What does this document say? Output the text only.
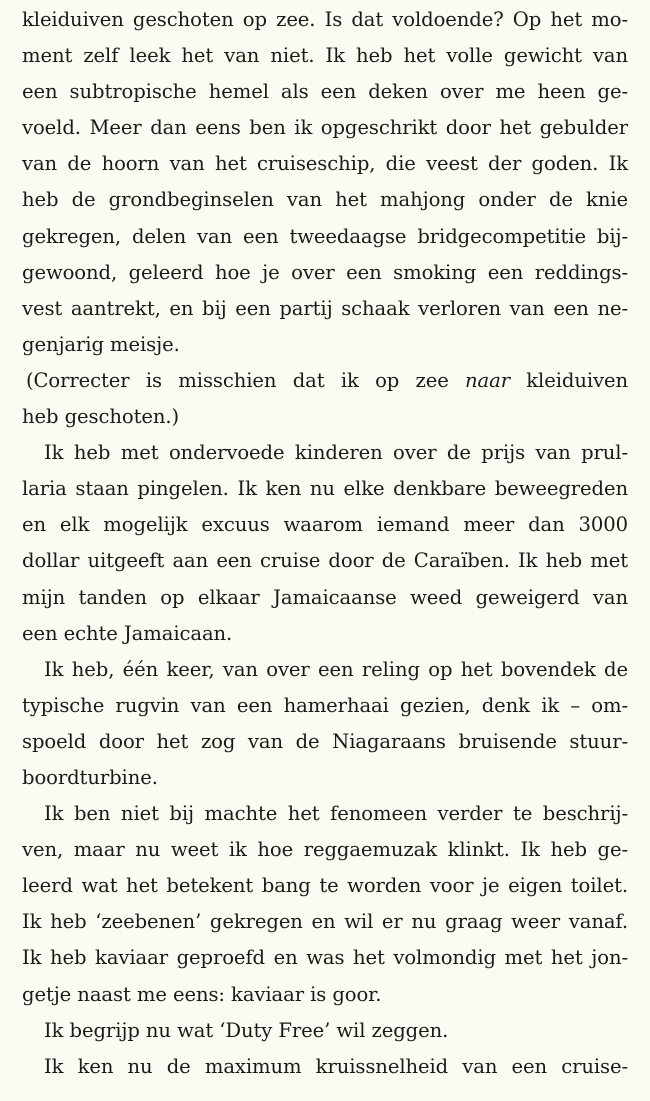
kleiduiven geschoten op zee. Is dat voldoende? Op het mo-
ment zelf leek het van niet. Ik heb het volle gewicht van
een subtropische hemel als een deken over me heen ge-
voeld. Meer dan eens ben ik opgeschrikt door het gebulder
van de hoorn van het cruiseschip, die veest der goden. Ik
heb de grondbeginselen van het mahjong onder de knie
gekregen, delen van een tweedaagse bridgecompetitie bij-
gewoond, geleerd hoe je over een smoking een reddings-
vest aantrekt, en bij een partij schaak verloren van een ne-
genjarig meisje.
(Correcter is misschien dat ik op zee naar kleiduiven
heb geschoten.)
Ik heb met ondervoede kinderen over de prijs van prul-
laria staan pingelen. Ik ken nu elke denkbare beweegreden
en elk mogelijk excuus waarom iemand meer dan 3000
dollar uitgeeft aan een cruise door de Caraïben. Ik heb met
mijn tanden op elkaar Jamaicaanse weed geweigerd van
een echte Jamaicaan.
Ik heb, één keer, van over een reling op het bovendek de
typische rugvin van een hamerhaai gezien, denk ik – om-
spoeld door het zog van de Niagaraans bruisende stuur-
boordturbine.
Ik ben niet bij machte het fenomeen verder te beschrij-
ven, maar nu weet ik hoe reggaemuzak klinkt. Ik heb ge-
leerd wat het betekent bang te worden voor je eigen toilet.
Ik heb ‘zeebenen’ gekregen en wil er nu graag weer vanaf.
Ik heb kaviaar geproefd en was het volmondig met het jon-
getje naast me eens: kaviaar is goor.
Ik begrijp nu wat ‘Duty Free’ wil zeggen.
Ik ken nu de maximum kruissnelheid van een cruise-
